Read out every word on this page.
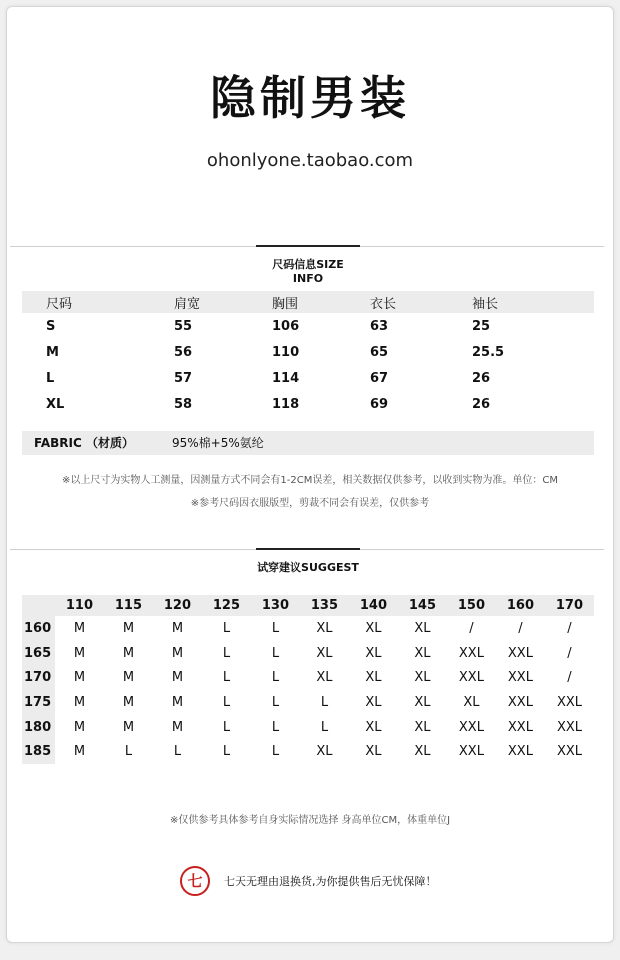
隐制男装
ohonlyone.taobao.com
尺码信息SIZE INFO
尺码	肩宽	胸围	衣长	袖长
S	55	106	63	25
M	56	110	65	25.5
L	57	114	67	26
XL	58	118	69	26
FABRIC （材质）	95%棉+5%氨纶
※以上尺寸为实物人工测量，因测量方式不同会有1-2CM误差，相关数据仅供参考，以收到实物为准。单位：CM
※参考尺码因衣服版型，剪裁不同会有误差，仅供参考
试穿建议SUGGEST
	110	115	120	125	130	135	140	145	150	160	170
160	M	M	M	L	L	XL	XL	XL	/	/	/
165	M	M	M	L	L	XL	XL	XL	XXL	XXL	/
170	M	M	M	L	L	XL	XL	XL	XXL	XXL	/
175	M	M	M	L	L	L	XL	XL	XL	XXL	XXL
180	M	M	M	L	L	L	XL	XL	XXL	XXL	XXL
185	M	L	L	L	L	XL	XL	XL	XXL	XXL	XXL
※仅供参考具体参考自身实际情况选择 身高单位CM，体重单位J
七	七天无理由退换货,为你提供售后无忧保障！
